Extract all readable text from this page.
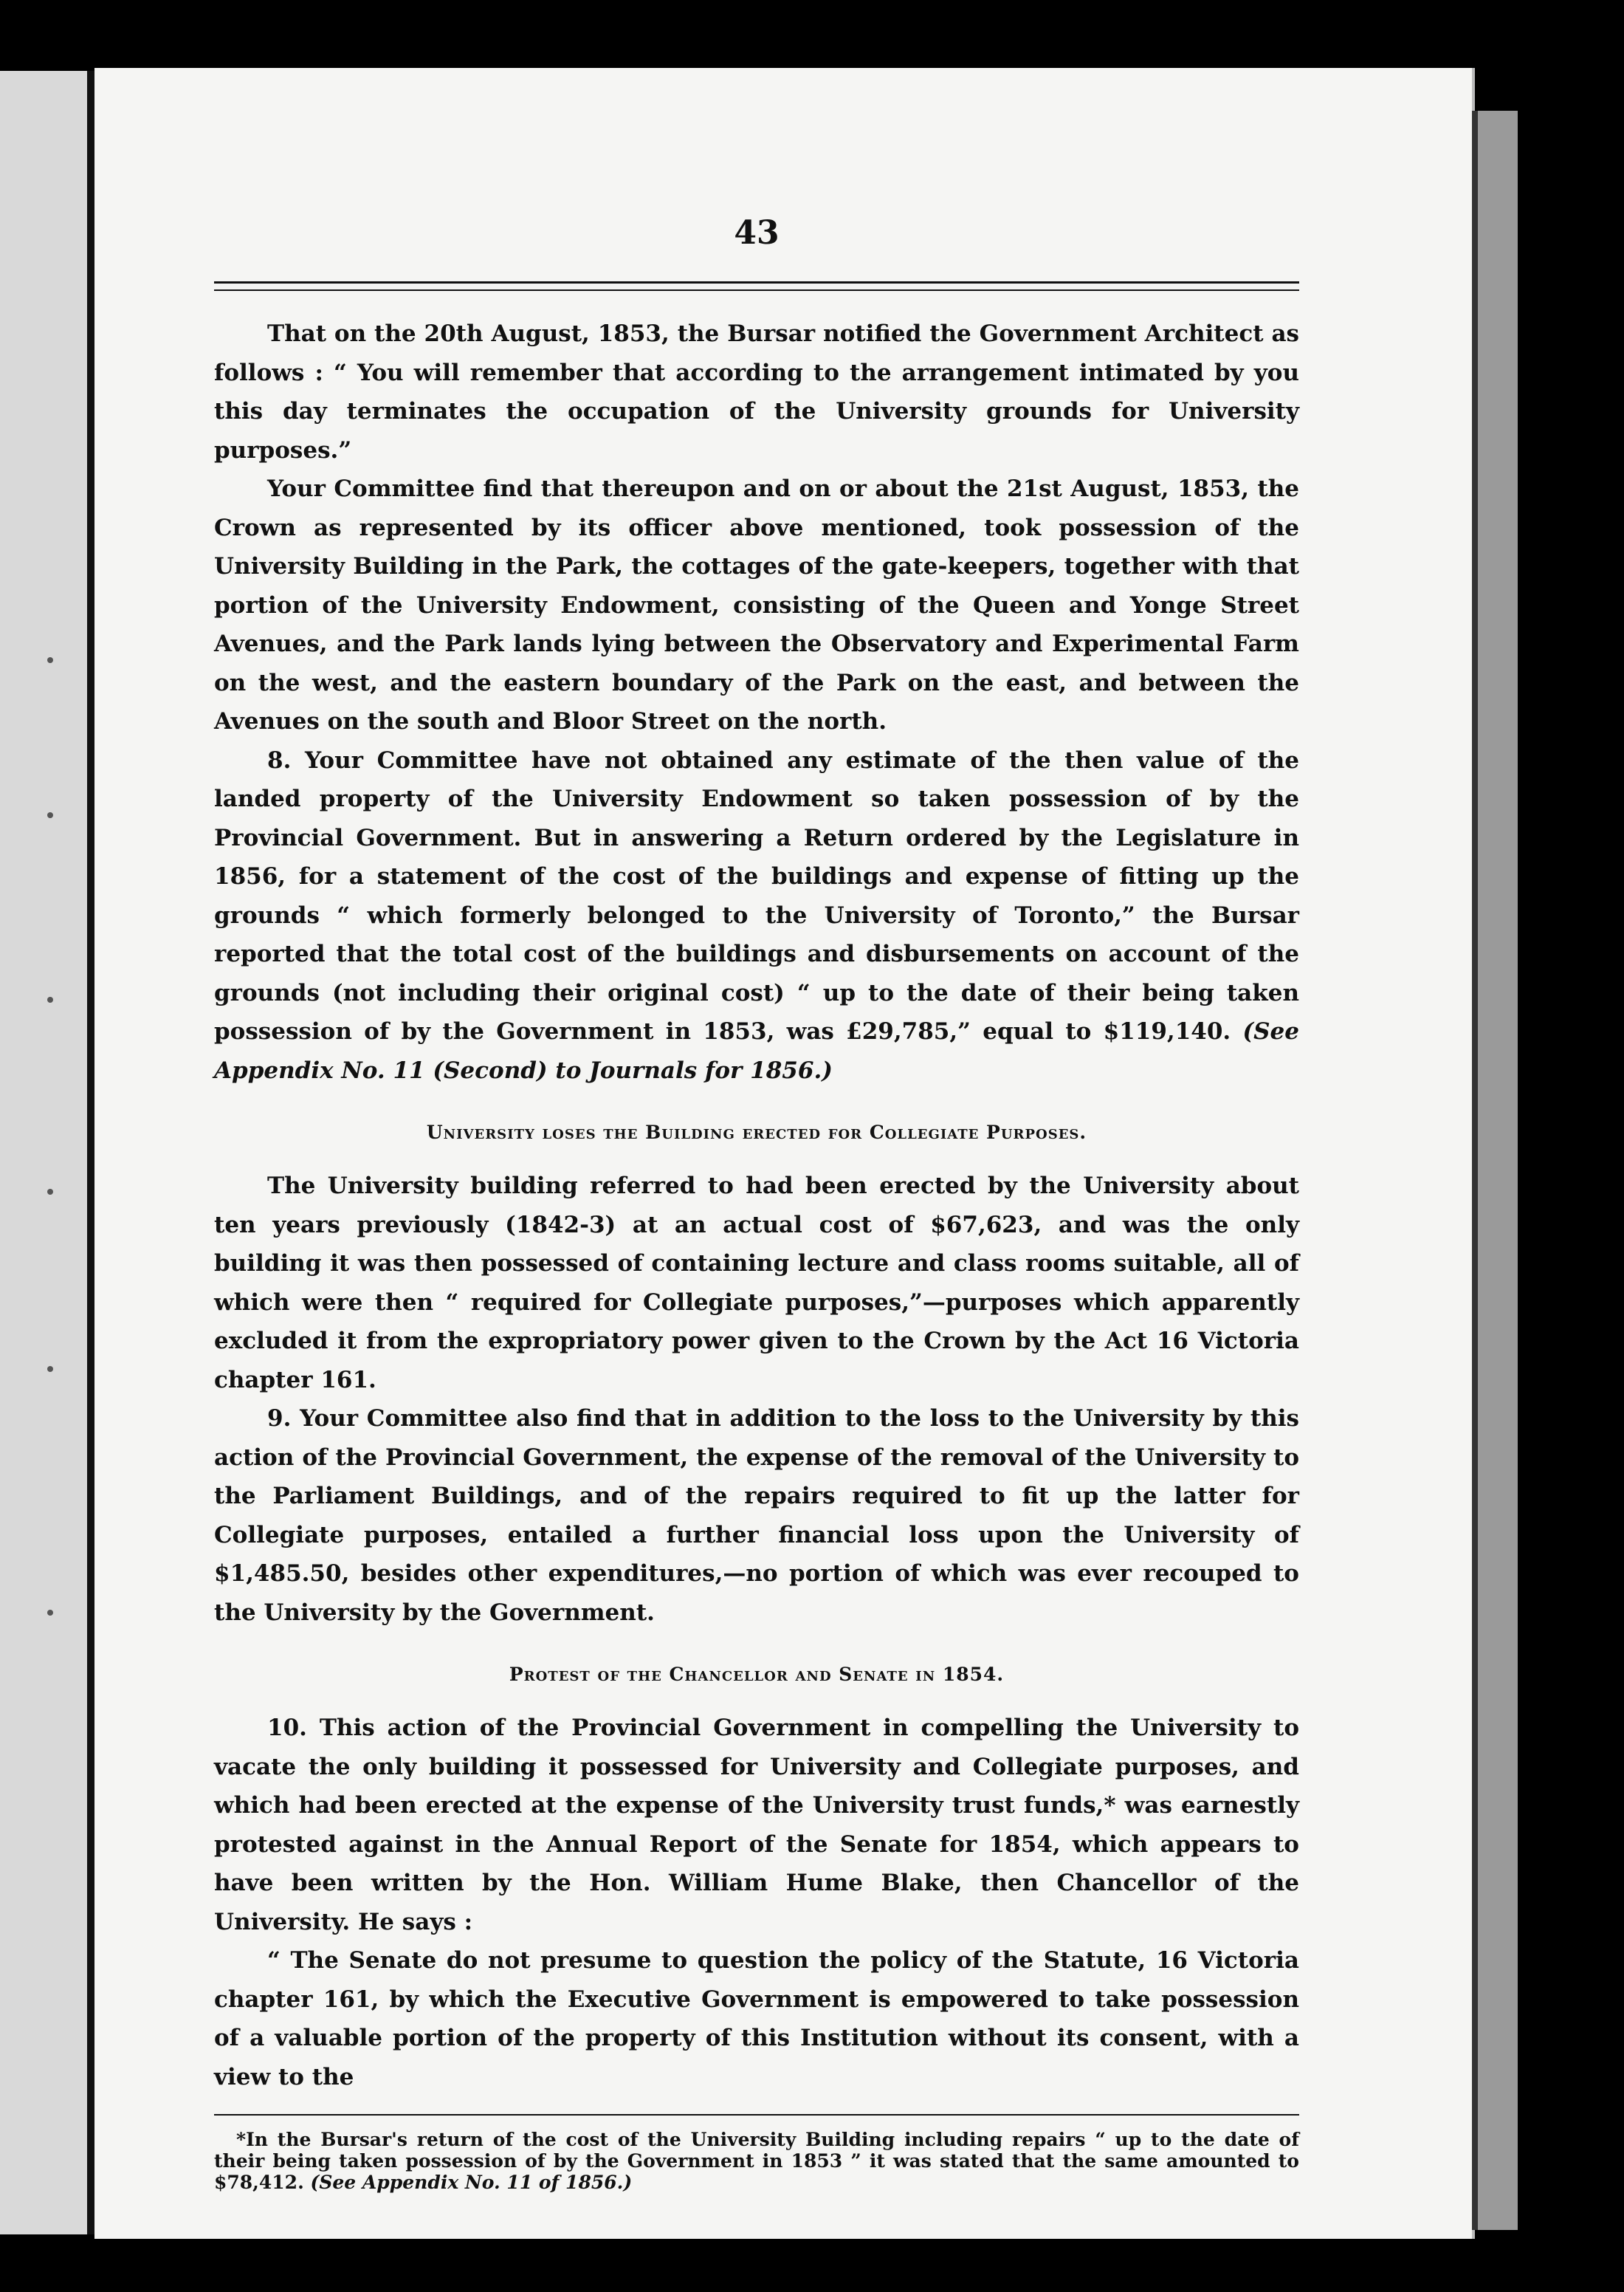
43

That on the 20th August, 1853, the Bursar notified the Government Architect as follows : “ You will remember that according to the arrangement intimated by you this day terminates the occupation of the University grounds for University purposes.”

Your Committee find that thereupon and on or about the 21st August, 1853, the Crown as represented by its officer above mentioned, took possession of the University Building in the Park, the cottages of the gate-keepers, together with that portion of the University Endowment, consisting of the Queen and Yonge Street Avenues, and the Park lands lying between the Observatory and Experimental Farm on the west, and the eastern boundary of the Park on the east, and between the Avenues on the south and Bloor Street on the north.

8. Your Committee have not obtained any estimate of the then value of the landed property of the University Endowment so taken possession of by the Provincial Government. But in answering a Return ordered by the Legislature in 1856, for a statement of the cost of the buildings and expense of fitting up the grounds “ which formerly belonged to the University of Toronto,” the Bursar reported that the total cost of the buildings and disbursements on account of the grounds (not including their original cost) “ up to the date of their being taken possession of by the Government in 1853, was £29,785,” equal to $119,140. (See Appendix No. 11 (Second) to Journals for 1856.)

University loses the Building erected for Collegiate Purposes.

The University building referred to had been erected by the University about ten years previously (1842-3) at an actual cost of $67,623, and was the only building it was then possessed of containing lecture and class rooms suitable, all of which were then “ required for Collegiate purposes,”—purposes which apparently excluded it from the expropriatory power given to the Crown by the Act 16 Victoria chapter 161.

9. Your Committee also find that in addition to the loss to the University by this action of the Provincial Government, the expense of the removal of the University to the Parliament Buildings, and of the repairs required to fit up the latter for Collegiate purposes, entailed a further financial loss upon the University of $1,485.50, besides other expenditures,—no portion of which was ever recouped to the University by the Government.

Protest of the Chancellor and Senate in 1854.

10. This action of the Provincial Government in compelling the University to vacate the only building it possessed for University and Collegiate purposes, and which had been erected at the expense of the University trust funds,* was earnestly protested against in the Annual Report of the Senate for 1854, which appears to have been written by the Hon. William Hume Blake, then Chancellor of the University. He says :

“ The Senate do not presume to question the policy of the Statute, 16 Victoria chapter 161, by which the Executive Government is empowered to take possession of a valuable portion of the property of this Institution without its consent, with a view to the

*In the Bursar's return of the cost of the University Building including repairs “ up to the date of their being taken possession of by the Government in 1853 ” it was stated that the same amounted to $78,412. (See Appendix No. 11 of 1856.)
